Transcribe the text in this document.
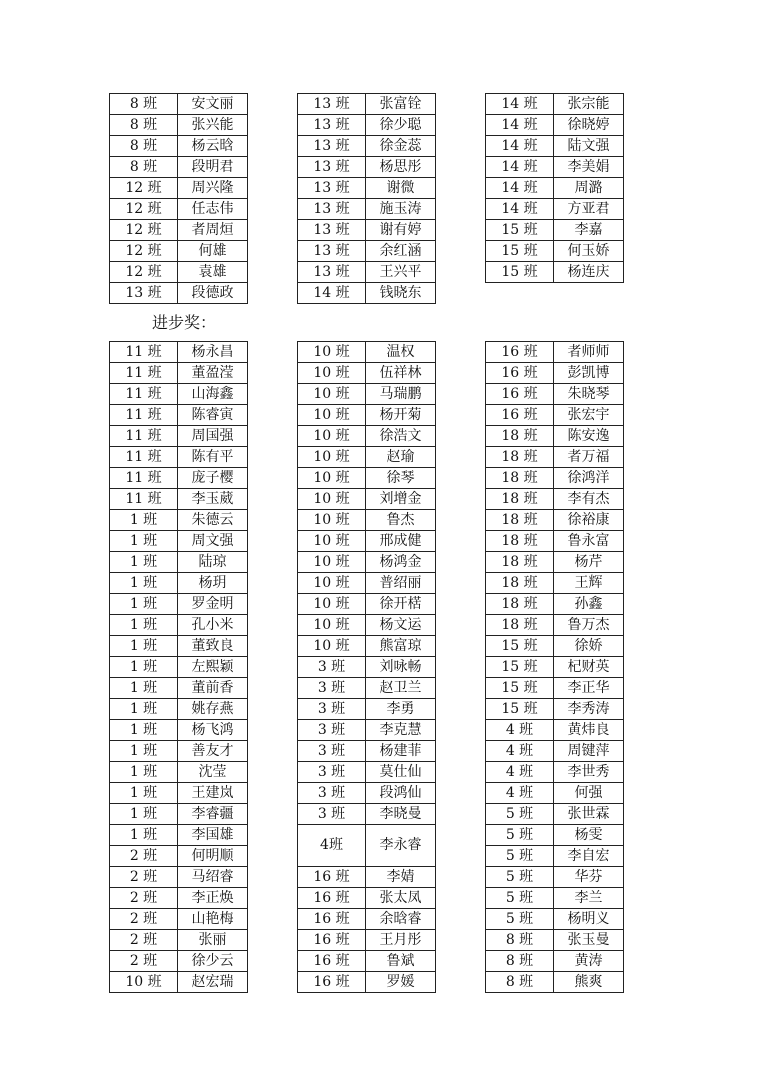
8 班	安文丽
8 班	张兴能
8 班	杨云晗
8 班	段明君
12 班	周兴隆
12 班	任志伟
12 班	者周烜
12 班	何雄
12 班	袁雄
13 班	段德政
13 班	张富铨
13 班	徐少聪
13 班	徐金蕊
13 班	杨思彤
13 班	谢微
13 班	施玉涛
13 班	谢有婷
13 班	余红涵
13 班	王兴平
14 班	钱晓东
14 班	张宗能
14 班	徐晓婷
14 班	陆文强
14 班	李美娟
14 班	周潞
14 班	方亚君
15 班	李嘉
15 班	何玉娇
15 班	杨连庆
进步奖：
11 班	杨永昌
11 班	董盈滢
11 班	山海鑫
11 班	陈睿寅
11 班	周国强
11 班	陈有平
11 班	庞子樱
11 班	李玉葳
1 班	朱德云
1 班	周文强
1 班	陆琼
1 班	杨玥
1 班	罗金明
1 班	孔小米
1 班	董致良
1 班	左熙颖
1 班	董前香
1 班	姚存燕
1 班	杨飞鸿
1 班	善友才
1 班	沈莹
1 班	王建岚
1 班	李睿疆
1 班	李国雄
2 班	何明顺
2 班	马绍睿
2 班	李正焕
2 班	山艳梅
2 班	张丽
2 班	徐少云
10 班	赵宏瑞
10 班	温权
10 班	伍祥林
10 班	马瑞鹏
10 班	杨开菊
10 班	徐浩文
10 班	赵瑜
10 班	徐琴
10 班	刘增金
10 班	鲁杰
10 班	邢成健
10 班	杨鸿金
10 班	普绍丽
10 班	徐开楛
10 班	杨文运
10 班	熊富琼
3 班	刘咏畅
3 班	赵卫兰
3 班	李勇
3 班	李克慧
3 班	杨建菲
3 班	莫仕仙
3 班	段鸿仙
3 班	李晓曼
4班	李永睿
16 班	李婧
16 班	张太凤
16 班	余晗睿
16 班	王月彤
16 班	鲁斌
16 班	罗媛
16 班	者师师
16 班	彭凯博
16 班	朱晓琴
16 班	张宏宇
18 班	陈安逸
18 班	者万福
18 班	徐鸿洋
18 班	李有杰
18 班	徐裕康
18 班	鲁永富
18 班	杨芹
18 班	王辉
18 班	孙鑫
18 班	鲁万杰
15 班	徐娇
15 班	杞财英
15 班	李正华
15 班	李秀涛
4 班	黄炜良
4 班	周键萍
4 班	李世秀
4 班	何强
5 班	张世霖
5 班	杨雯
5 班	李自宏
5 班	华芬
5 班	李兰
5 班	杨明义
8 班	张玉曼
8 班	黄涛
8 班	熊爽
